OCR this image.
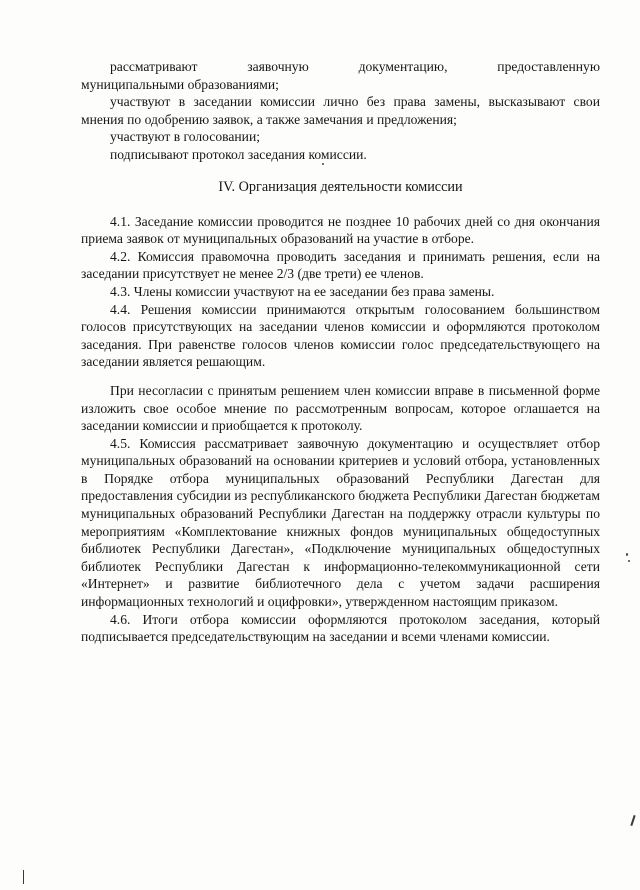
рассматривают заявочную документацию, предоставленную

муниципальными образованиями;

участвуют в заседании комиссии лично без права замены, высказывают свои мнения по одобрению заявок, а также замечания и предложения;

участвуют в голосовании;

подписывают протокол заседания комиссии.

IV. Организация деятельности комиссии

4.1. Заседание комиссии проводится не позднее 10 рабочих дней со дня окончания приема заявок от муниципальных образований на участие в отборе.

4.2. Комиссия правомочна проводить заседания и принимать решения, если на заседании присутствует не менее 2/3 (две трети) ее членов.

4.3. Члены комиссии участвуют на ее заседании без права замены.

4.4. Решения комиссии принимаются открытым голосованием большинством голосов присутствующих на заседании членов комиссии и оформляются протоколом заседания. При равенстве голосов членов комиссии голос председательствующего на заседании является решающим.

При несогласии с принятым решением член комиссии вправе в письменной форме изложить свое особое мнение по рассмотренным вопросам, которое оглашается на заседании комиссии и приобщается к протоколу.

4.5. Комиссия рассматривает заявочную документацию и осуществляет отбор муниципальных образований на основании критериев и условий отбора, установленных в Порядке отбора муниципальных образований Республики Дагестан для предоставления субсидии из республиканского бюджета Республики Дагестан бюджетам муниципальных образований Республики Дагестан на поддержку отрасли культуры по мероприятиям «Комплектование книжных фондов муниципальных общедоступных библиотек Республики Дагестан», «Подключение муниципальных общедоступных библиотек Республики Дагестан к информационно-телекоммуникационной сети «Интернет» и развитие библиотечного дела с учетом задачи расширения информационных технологий и оцифровки», утвержденном настоящим приказом.

4.6. Итоги отбора комиссии оформляются протоколом заседания, который подписывается председательствующим на заседании и всеми членами комиссии.
